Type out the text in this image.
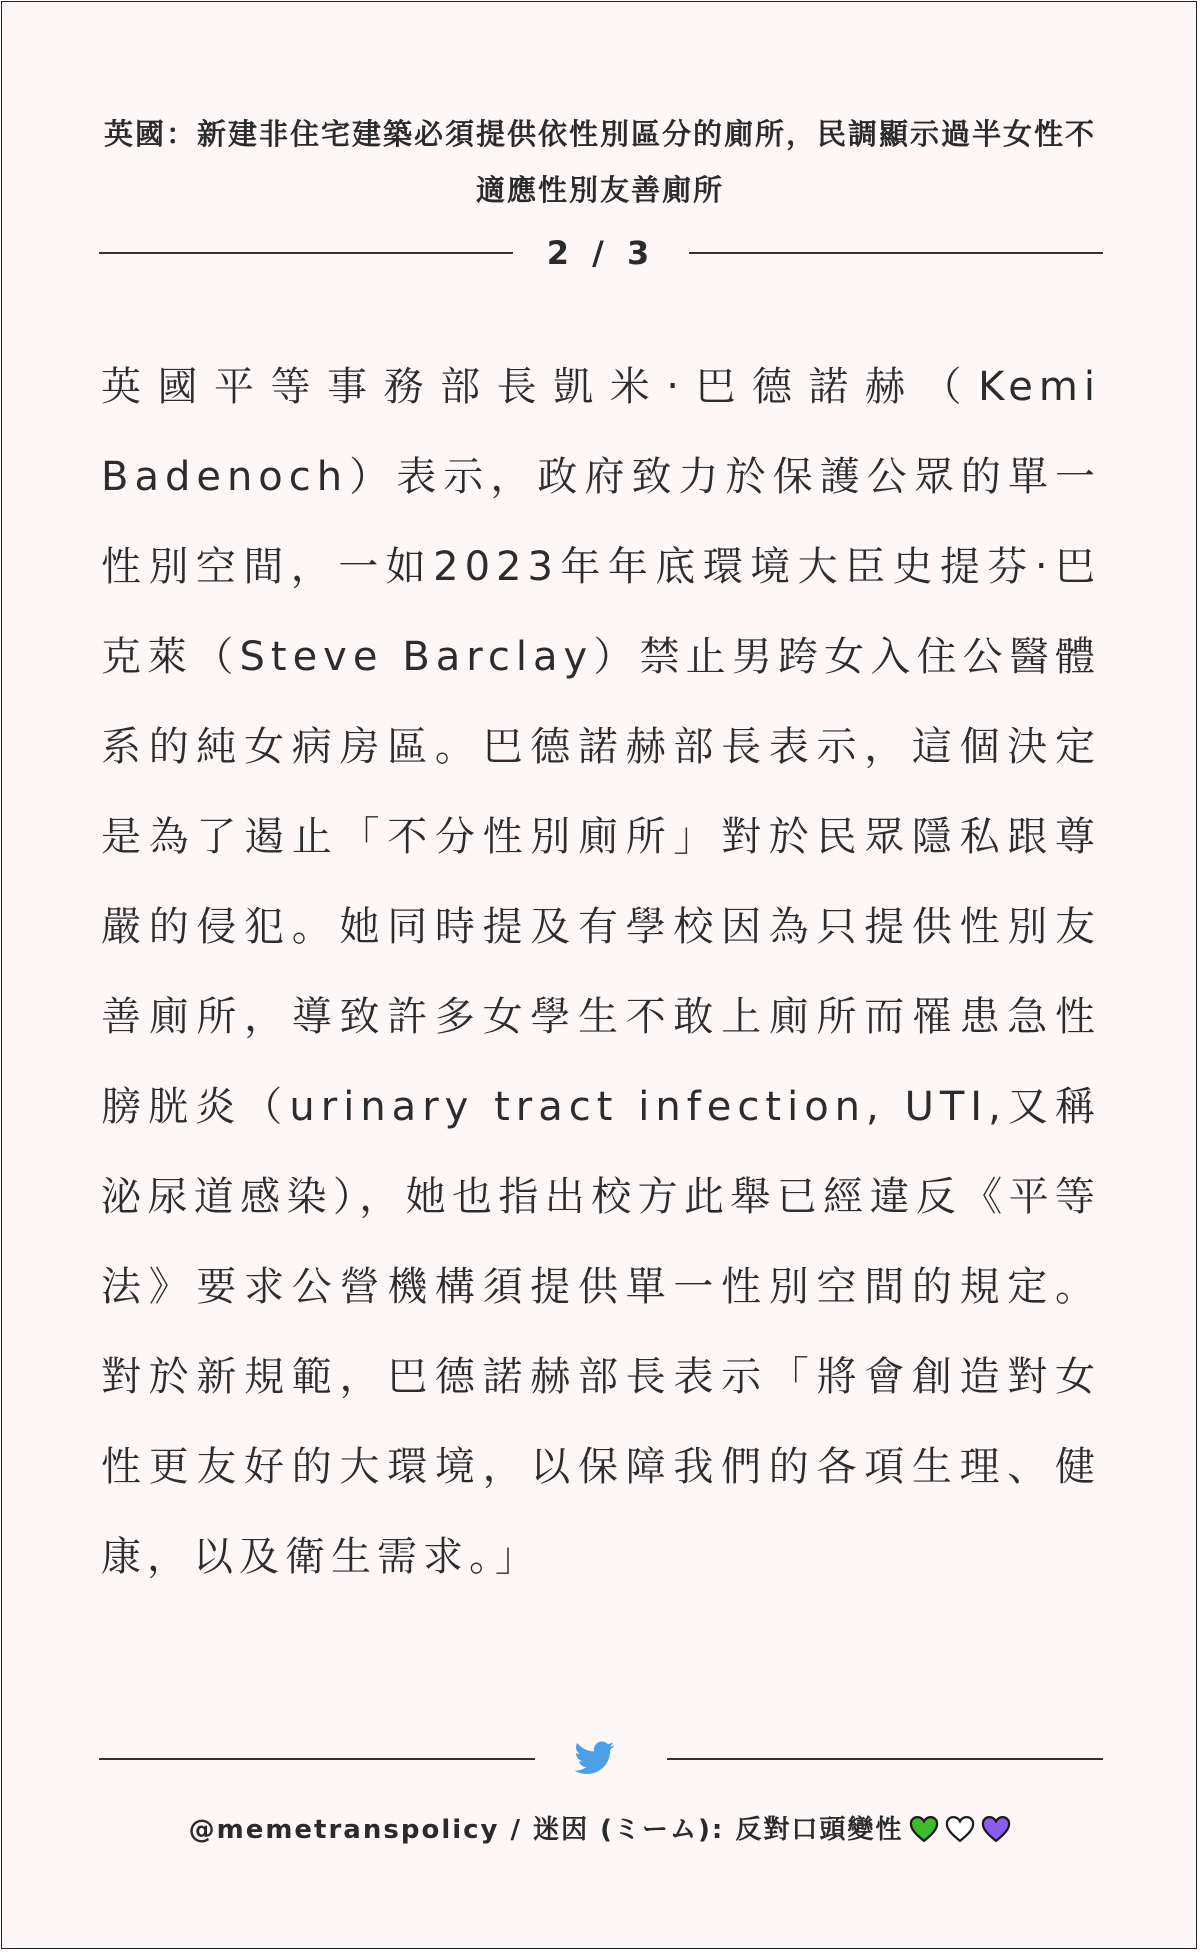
英國：新建非住宅建築必須提供依性別區分的廁所，民調顯示過半女性不適應性別友善廁所
2 / 3

英國平等事務部長凱米‧巴德諾赫（Kemi Badenoch）表示，政府致力於保護公眾的單一性別空間，一如2023年年底環境大臣史提芬‧巴克萊（Steve Barclay）禁止男跨女入住公醫體系的純女病房區。巴德諾赫部長表示，這個決定是為了遏止「不分性別廁所」對於民眾隱私跟尊嚴的侵犯。她同時提及有學校因為只提供性別友善廁所，導致許多女學生不敢上廁所而罹患急性膀胱炎（urinary tract infection, UTI,又稱泌尿道感染），她也指出校方此舉已經違反《平等法》要求公營機構須提供單一性別空間的規定。對於新規範，巴德諾赫部長表示「將會創造對女性更友好的大環境，以保障我們的各項生理、健康，以及衛生需求。」

@memetranspolicy / 迷因 (ミーム): 反對口頭變性
